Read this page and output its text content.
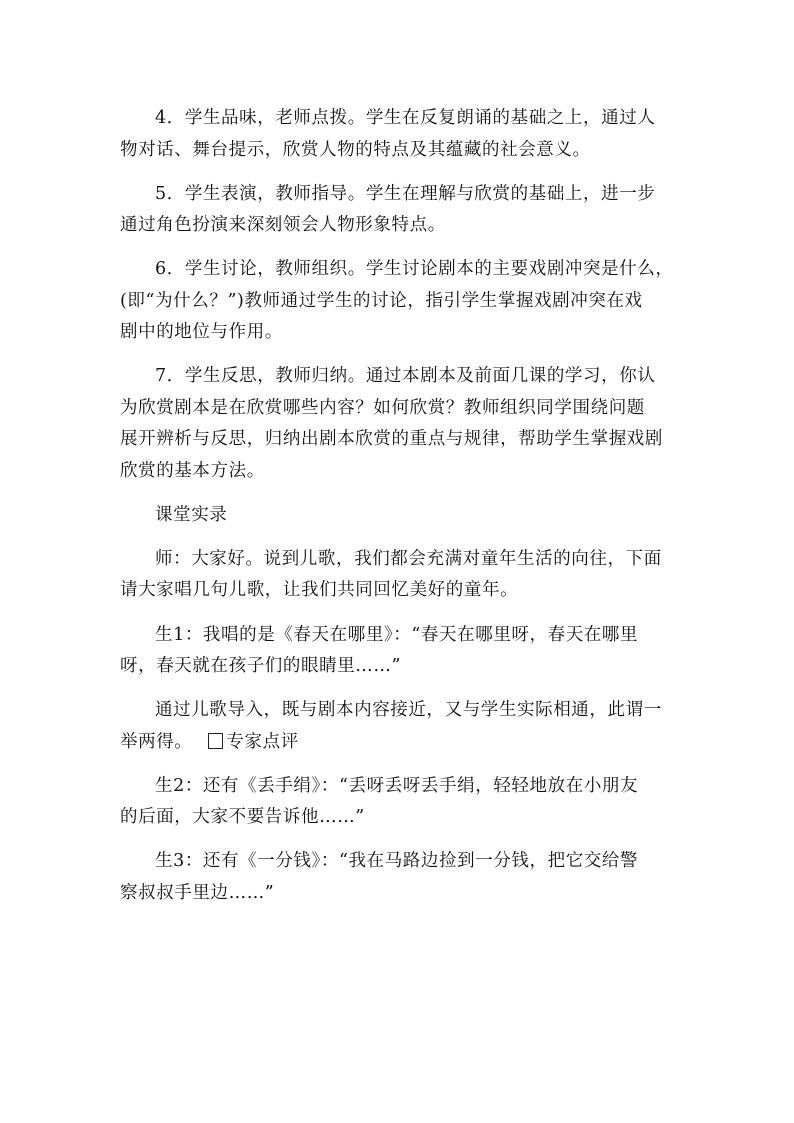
4．学生品味，老师点拨。学生在反复朗诵的基础之上，通过人
物对话、舞台提示，欣赏人物的特点及其蕴藏的社会意义。
5．学生表演，教师指导。学生在理解与欣赏的基础上，进一步
通过角色扮演来深刻领会人物形象特点。
6．学生讨论，教师组织。学生讨论剧本的主要戏剧冲突是什么，
(即“为什么？”)教师通过学生的讨论，指引学生掌握戏剧冲突在戏
剧中的地位与作用。
7．学生反思，教师归纳。通过本剧本及前面几课的学习，你认
为欣赏剧本是在欣赏哪些内容？如何欣赏？教师组织同学围绕问题
展开辨析与反思，归纳出剧本欣赏的重点与规律，帮助学生掌握戏剧
欣赏的基本方法。
课堂实录
师：大家好。说到儿歌，我们都会充满对童年生活的向往，下面
请大家唱几句儿歌，让我们共同回忆美好的童年。
生1：我唱的是《春天在哪里》：“春天在哪里呀，春天在哪里
呀，春天就在孩子们的眼睛里……”
通过儿歌导入，既与剧本内容接近，又与学生实际相通，此谓一
举两得。 专家点评
生2：还有《丢手绢》：“丢呀丢呀丢手绢，轻轻地放在小朋友
的后面，大家不要告诉他……”
生3：还有《一分钱》：“我在马路边捡到一分钱，把它交给警
察叔叔手里边……”
